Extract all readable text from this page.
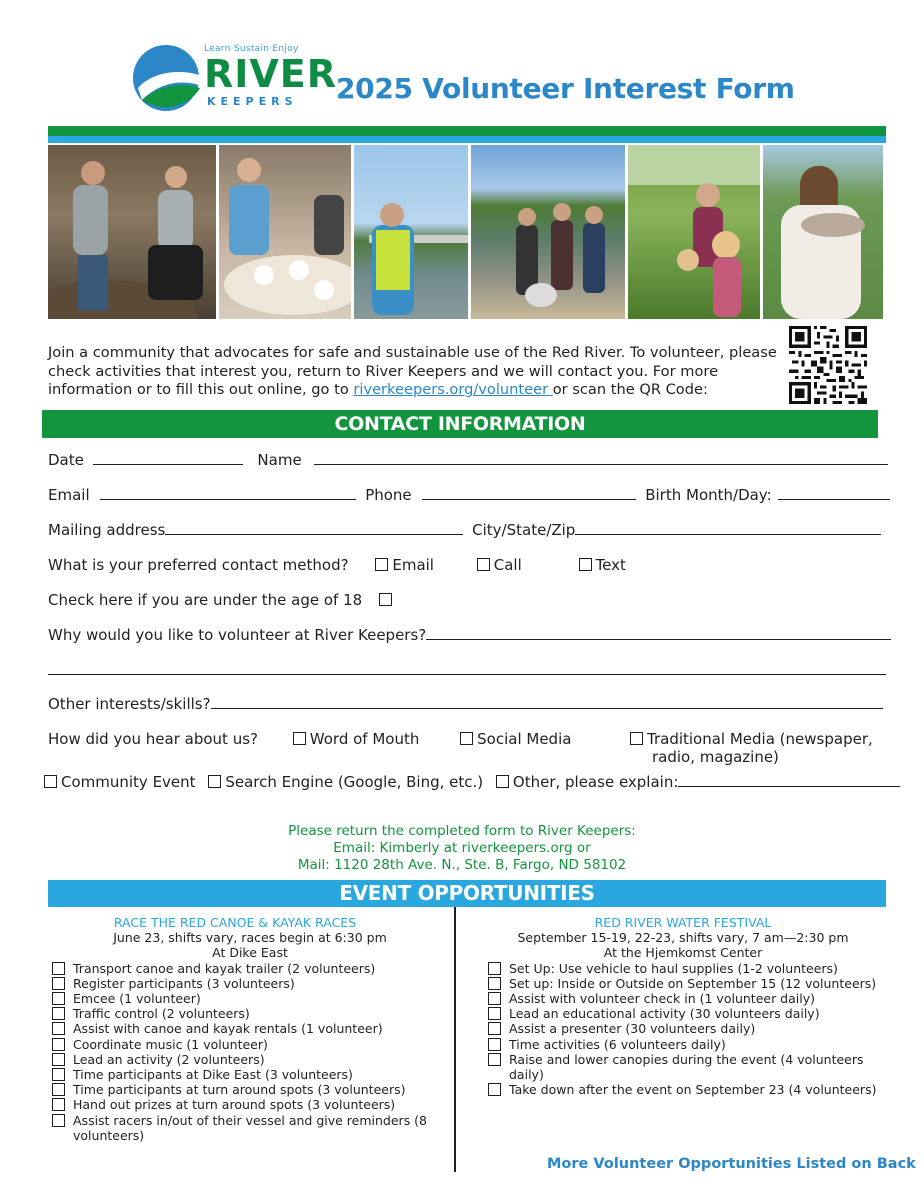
Learn·Sustain·Enjoy
RIVER
KEEPERS 2025 Volunteer Interest Form
Join a community that advocates for safe and sustainable use of the Red River. To volunteer, please check activities that interest you, return to River Keepers and we will contact you. For more information or to fill this out online, go to riverkeepers.org/volunteer or scan the QR Code:
CONTACT INFORMATION
Date	Name
Email	Phone	Birth Month/Day:
Mailing address	City/State/Zip
What is your preferred contact method?	Email	Call	Text
Check here if you are under the age of 18
Why would you like to volunteer at River Keepers?
Other interests/skills?
How did you hear about us?	Word of Mouth	Social Media	Traditional Media (newspaper,
radio, magazine)
Community Event Search Engine (Google, Bing, etc.) Other, please explain:
Please return the completed form to River Keepers:
Email: Kimberly at riverkeepers.org or
Mail: 1120 28th Ave. N., Ste. B, Fargo, ND 58102
EVENT OPPORTUNITIES
RACE THE RED CANOE & KAYAK RACES
June 23, shifts vary, races begin at 6:30 pm
At Dike East
Transport canoe and kayak trailer (2 volunteers)
Register participants (3 volunteers)
Emcee (1 volunteer)
Traffic control (2 volunteers)
Assist with canoe and kayak rentals (1 volunteer)
Coordinate music (1 volunteer)
Lead an activity (2 volunteers)
Time participants at Dike East (3 volunteers)
Time participants at turn around spots (3 volunteers)
Hand out prizes at turn around spots (3 volunteers)
Assist racers in/out of their vessel and give reminders (8 volunteers)
RED RIVER WATER FESTIVAL
September 15-19, 22-23, shifts vary, 7 am—2:30 pm
At the Hjemkomst Center
Set Up: Use vehicle to haul supplies (1-2 volunteers)
Set up: Inside or Outside on September 15 (12 volunteers)
Assist with volunteer check in (1 volunteer daily)
Lead an educational activity (30 volunteers daily)
Assist a presenter (30 volunteers daily)
Time activities (6 volunteers daily)
Raise and lower canopies during the event (4 volunteers daily)
Take down after the event on September 23 (4 volunteers)
More Volunteer Opportunities Listed on Back
